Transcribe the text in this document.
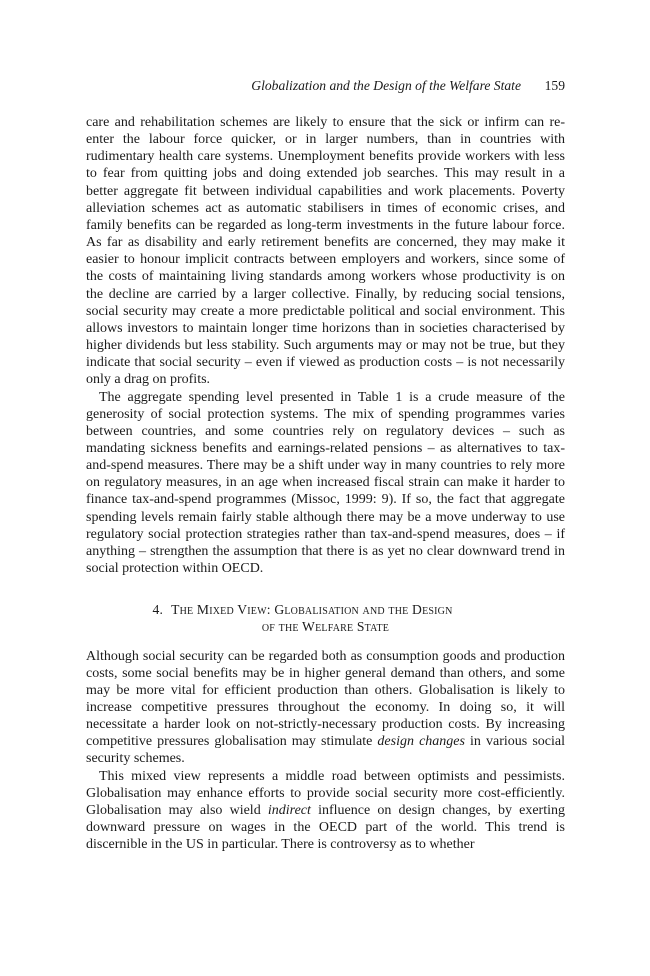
Globalization and the Design of the Welfare State 159

care and rehabilitation schemes are likely to ensure that the sick or infirm can re-enter the labour force quicker, or in larger numbers, than in countries with rudimentary health care systems. Unemployment benefits provide workers with less to fear from quitting jobs and doing extended job searches. This may result in a better aggregate fit between individual capabilities and work placements. Poverty alleviation schemes act as automatic stabilisers in times of economic crises, and family benefits can be regarded as long-term investments in the future labour force. As far as disability and early retirement benefits are concerned, they may make it easier to honour implicit contracts between employers and workers, since some of the costs of maintaining living standards among workers whose productivity is on the decline are carried by a larger collective. Finally, by reducing social tensions, social security may create a more predictable political and social environment. This allows investors to maintain longer time horizons than in societies characterised by higher dividends but less stability. Such arguments may or may not be true, but they indicate that social security – even if viewed as production costs – is not necessarily only a drag on profits.

The aggregate spending level presented in Table 1 is a crude measure of the generosity of social protection systems. The mix of spending programmes varies between countries, and some countries rely on regulatory devices – such as mandating sickness benefits and earnings-related pensions – as alternatives to tax-and-spend measures. There may be a shift under way in many countries to rely more on regulatory measures, in an age when increased fiscal strain can make it harder to finance tax-and-spend programmes (Missoc, 1999: 9). If so, the fact that aggregate spending levels remain fairly stable although there may be a move underway to use regulatory social protection strategies rather than tax-and-spend measures, does – if anything – strengthen the assumption that there is as yet no clear downward trend in social protection within OECD.

4. The Mixed View: Globalisation and the Design
of the Welfare State

Although social security can be regarded both as consumption goods and production costs, some social benefits may be in higher general demand than others, and some may be more vital for efficient production than others. Globalisation is likely to increase competitive pressures throughout the economy. In doing so, it will necessitate a harder look on not-strictly-necessary production costs. By increasing competitive pressures globalisation may stimulate design changes in various social security schemes.

This mixed view represents a middle road between optimists and pessimists. Globalisation may enhance efforts to provide social security more cost-efficiently. Globalisation may also wield indirect influence on design changes, by exerting downward pressure on wages in the OECD part of the world. This trend is discernible in the US in particular. There is controversy as to whether
